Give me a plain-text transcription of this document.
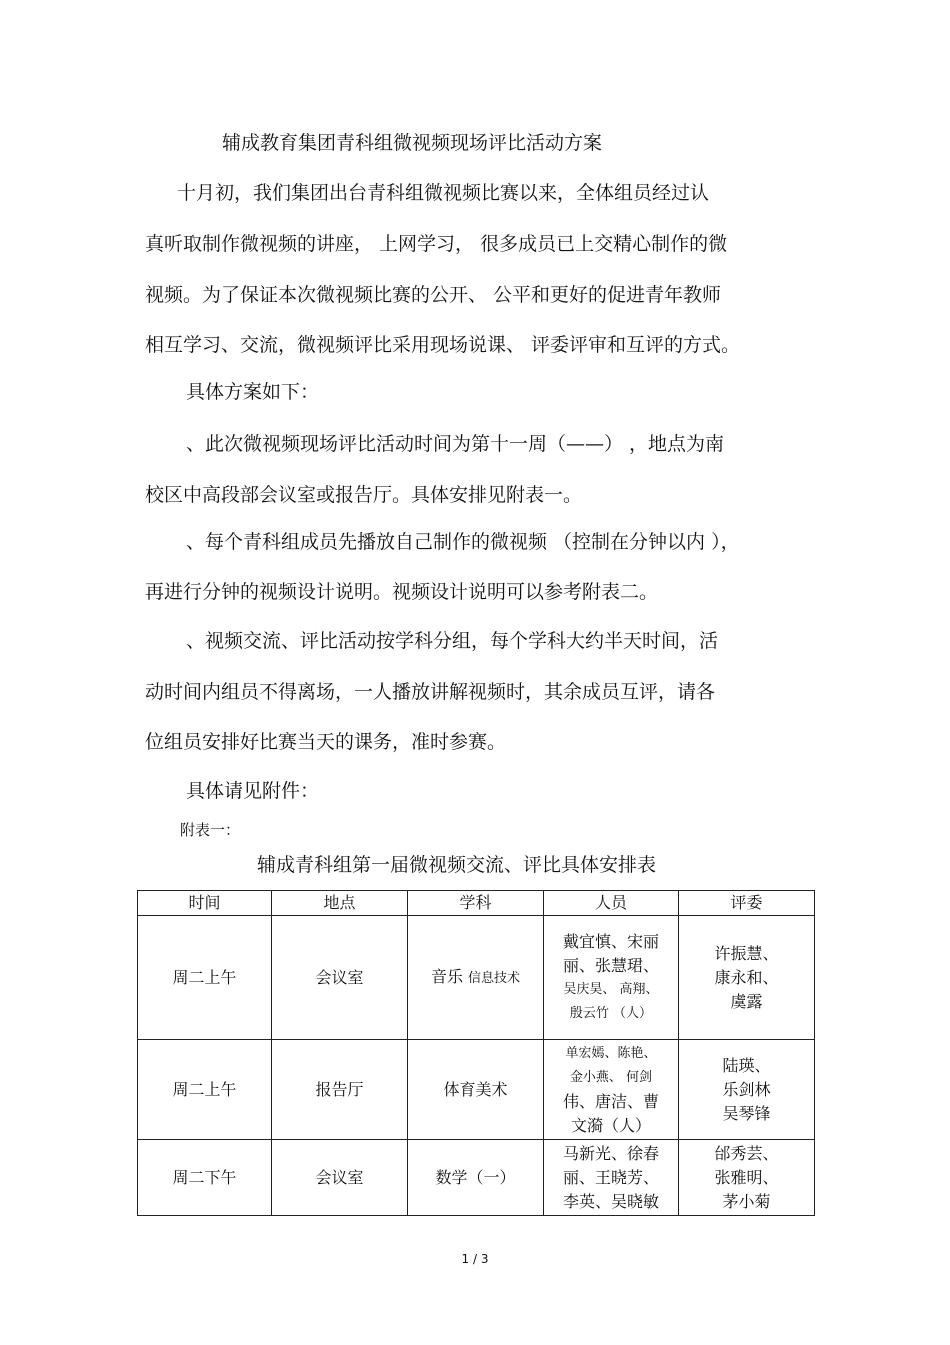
辅成教育集团青科组微视频现场评比活动方案
十月初，我们集团出台青科组微视频比赛以来，全体组员经过认
真听取制作微视频的讲座， 上网学习， 很多成员已上交精心制作的微
视频。为了保证本次微视频比赛的公开、 公平和更好的促进青年教师
相互学习、交流，微视频评比采用现场说课、 评委评审和互评的方式。
具体方案如下：
、此次微视频现场评比活动时间为第十一周（——） ，地点为南
校区中高段部会议室或报告厅。具体安排见附表一。
、每个青科组成员先播放自己制作的微视频 （控制在分钟以内 ），
再进行分钟的视频设计说明。视频设计说明可以参考附表二。
、视频交流、评比活动按学科分组，每个学科大约半天时间，活
动时间内组员不得离场，一人播放讲解视频时，其余成员互评，请各
位组员安排好比赛当天的课务，准时参赛。
具体请见附件：
附表一：
辅成青科组第一届微视频交流、评比具体安排表
时间	地点	学科	人员	评委
周二上午	会议室	音乐 信息技术	戴宜慎、宋丽
丽、张慧珺、
吴庆昊、 高翔、
殷云竹 （人）	许振慧、
康永和、
虞露

周二上午	报告厅	体育美术	单宏嫣、陈艳、
金小燕、 何剑
伟、唐洁、曹
文漪（人）	陆瑛、
乐剑林
吴琴锋

周二下午	会议室	数学（一）	马新光、徐春
丽、王晓芳、
李英、吴晓敏	邰秀芸、
张雅明、
茅小菊
1 / 3
